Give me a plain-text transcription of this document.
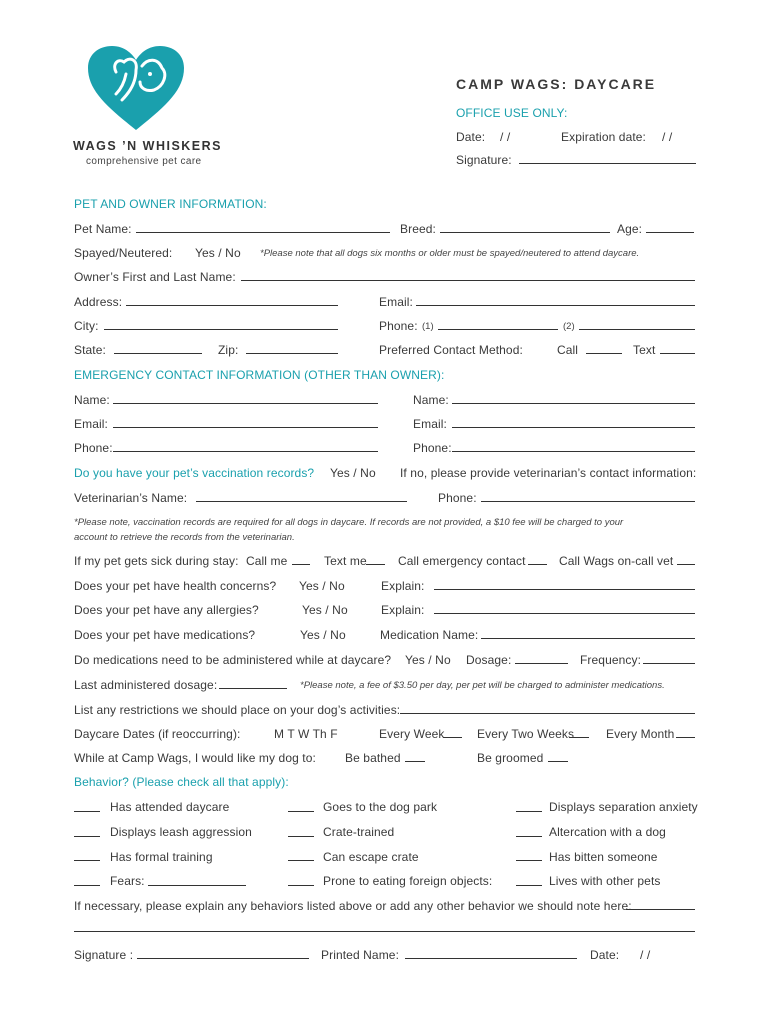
WAGS ’N WHISKERS
comprehensive pet care
CAMP WAGS: DAYCARE
OFFICE USE ONLY:
Date: / /	Expiration date: / /
Signature:
PET AND OWNER INFORMATION:
Pet Name:	Breed:	Age:
Spayed/Neutered: Yes / No *Please note that all dogs six months or older must be spayed/neutered to attend daycare.
Owner’s First and Last Name:
Address:	Email:
City:	Phone: (1)	(2)
State:	Zip:	Preferred Contact Method:	Call	Text
EMERGENCY CONTACT INFORMATION (OTHER THAN OWNER):
Name:	Name:
Email:	Email:
Phone:	Phone:
Do you have your pet’s vaccination records? Yes / No If no, please provide veterinarian’s contact information:
Veterinarian’s Name:	Phone:
*Please note, vaccination records are required for all dogs in daycare. If records are not provided, a $10 fee will be charged to your
account to retrieve the records from the veterinarian.
If my pet gets sick during stay: Call me	Text me	Call emergency contact	Call Wags on-call vet
Does your pet have health concerns? Yes / No	Explain:
Does your pet have any allergies?	Yes / No	Explain:
Does your pet have medications?	Yes / No	Medication Name:
Do medications need to be administered while at daycare? Yes / No Dosage:	Frequency:
Last administered dosage:	*Please note, a fee of $3.50 per day, per pet will be charged to administer medications.
List any restrictions we should place on your dog’s activities:
Daycare Dates (if reoccurring):	M T W Th F	Every Week	Every Two Weeks	Every Month
While at Camp Wags, I would like my dog to: Be bathed	Be groomed
Behavior? (Please check all that apply):
Has attended daycare	Goes to the dog park	Displays separation anxiety
Displays leash aggression	Crate-trained	Altercation with a dog
Has formal training	Can escape crate	Has bitten someone
Fears:	Prone to eating foreign objects:	Lives with other pets
If necessary, please explain any behaviors listed above or add any other behavior we should note here:
Signature :	Printed Name:	Date: / /
